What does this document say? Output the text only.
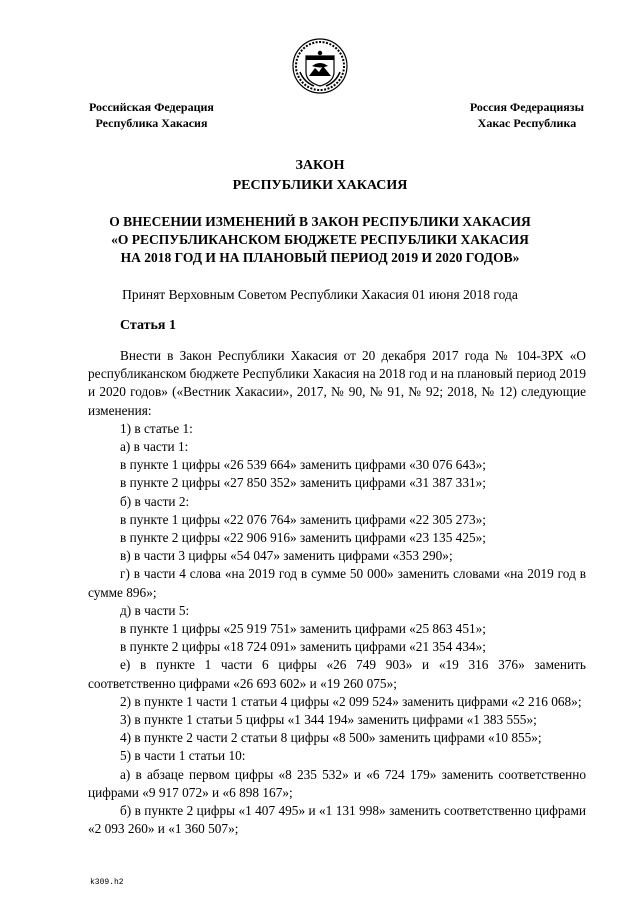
Российская Федерация
Республика Хакасия
Россия Федерациязы
Хакас Республика
ЗАКОН
РЕСПУБЛИКИ ХАКАСИЯ
О ВНЕСЕНИИ ИЗМЕНЕНИЙ В ЗАКОН РЕСПУБЛИКИ ХАКАСИЯ
«О РЕСПУБЛИКАНСКОМ БЮДЖЕТЕ РЕСПУБЛИКИ ХАКАСИЯ
НА 2018 ГОД И НА ПЛАНОВЫЙ ПЕРИОД 2019 И 2020 ГОДОВ»
Принят Верховным Советом Республики Хакасия 01 июня 2018 года
Статья 1

Внести в Закон Республики Хакасия от 20 декабря 2017 года № 104-ЗРХ «О республиканском бюджете Республики Хакасия на 2018 год и на плановый период 2019 и 2020 годов» («Вестник Хакасии», 2017, № 90, № 91, № 92; 2018, № 12) следующие изменения:

1) в статье 1:

а) в части 1:

в пункте 1 цифры «26 539 664» заменить цифрами «30 076 643»;

в пункте 2 цифры «27 850 352» заменить цифрами «31 387 331»;

б) в части 2:

в пункте 1 цифры «22 076 764» заменить цифрами «22 305 273»;

в пункте 2 цифры «22 906 916» заменить цифрами «23 135 425»;

в) в части 3 цифры «54 047» заменить цифрами «353 290»;

г) в части 4 слова «на 2019 год в сумме 50 000» заменить словами «на 2019 год в сумме 896»;

д) в части 5:

в пункте 1 цифры «25 919 751» заменить цифрами «25 863 451»;

в пункте 2 цифры «18 724 091» заменить цифрами «21 354 434»;

е) в пункте 1 части 6 цифры «26 749 903» и «19 316 376» заменить соответственно цифрами «26 693 602» и «19 260 075»;

2) в пункте 1 части 1 статьи 4 цифры «2 099 524» заменить цифрами «2 216 068»;

3) в пункте 1 статьи 5 цифры «1 344 194» заменить цифрами «1 383 555»;

4) в пункте 2 части 2 статьи 8 цифры «8 500» заменить цифрами «10 855»;

5) в части 1 статьи 10:

а) в абзаце первом цифры «8 235 532» и «6 724 179» заменить соответственно цифрами «9 917 072» и «6 898 167»;

б) в пункте 2 цифры «1 407 495» и «1 131 998» заменить соответственно цифрами «2 093 260» и «1 360 507»;

k309.h2
